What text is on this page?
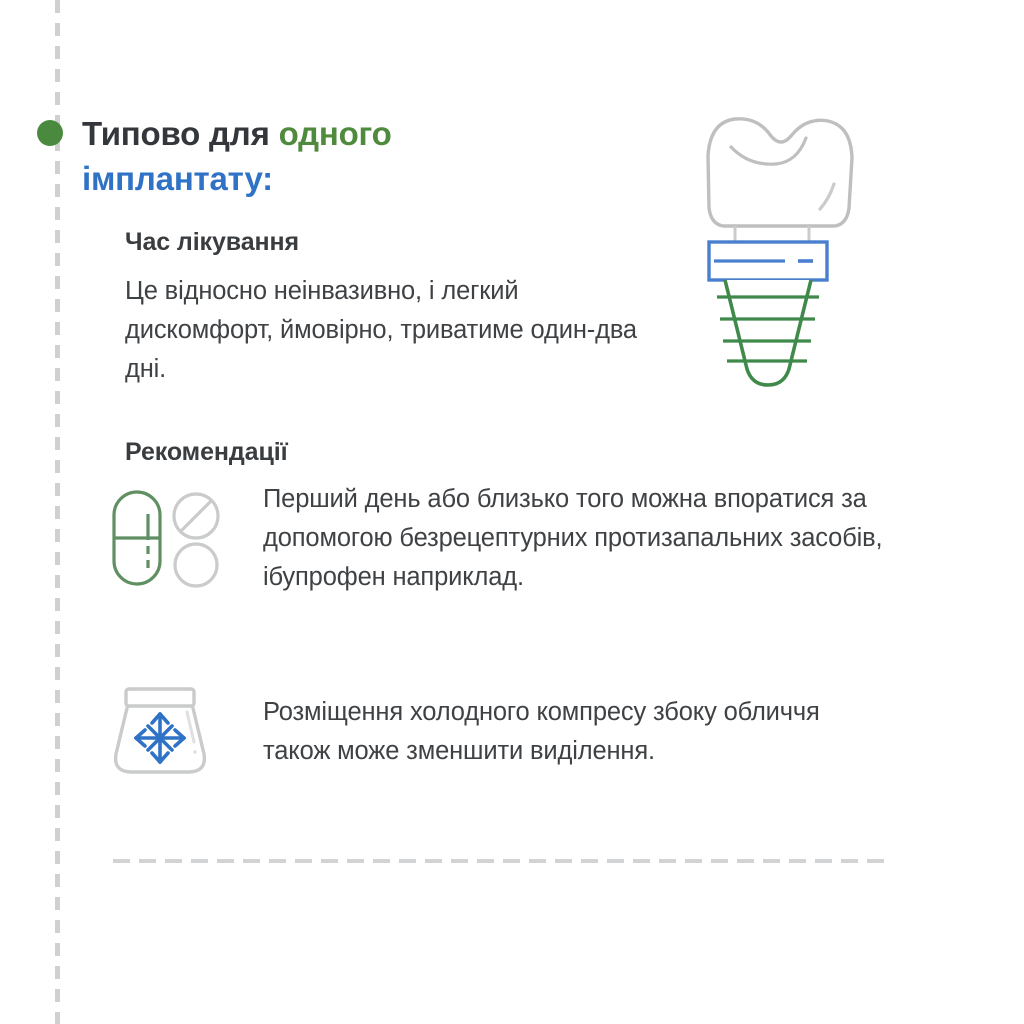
Типово для одного
імплантату:
Час лікування
Це відносно неінвазивно, і легкий дискомфорт, ймовірно, триватиме один-два дні.
Рекомендації
Перший день або близько того можна впоратися за допомогою безрецептурних протизапальних засобів, ібупрофен наприклад.
Розміщення холодного компресу збоку обличчя також може зменшити виділення.
